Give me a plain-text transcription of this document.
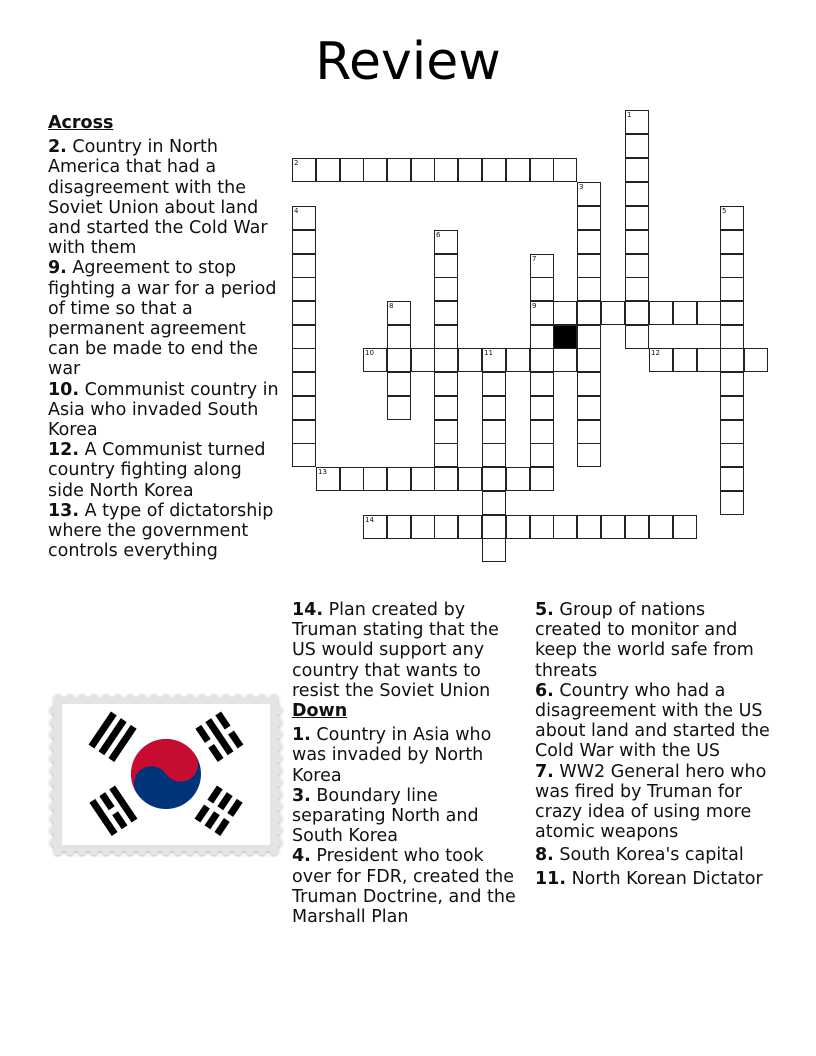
Review
Across
2. Country in North America that had a disagreement with the Soviet Union about land and started the Cold War with them
9. Agreement to stop fighting a war for a period of time so that a permanent agreement can be made to end the war
10. Communist country in Asia who invaded South Korea
12. A Communist turned country fighting along side North Korea
13. A type of dictatorship where the government controls everything
14. Plan created by Truman stating that the US would support any country that wants to resist the Soviet Union
Down
1. Country in Asia who was invaded by North Korea
3. Boundary line separating North and South Korea
4. President who took over for FDR, created the Truman Doctrine, and the Marshall Plan
5. Group of nations created to monitor and keep the world safe from threats
6. Country who had a disagreement with the US about land and started the Cold War with the US
7. WW2 General hero who was fired by Truman for crazy idea of using more atomic weapons
8. South Korea's capital
11. North Korean Dictator
1
2
3
4	5
6
7
8	9
10	11	12
13
14
